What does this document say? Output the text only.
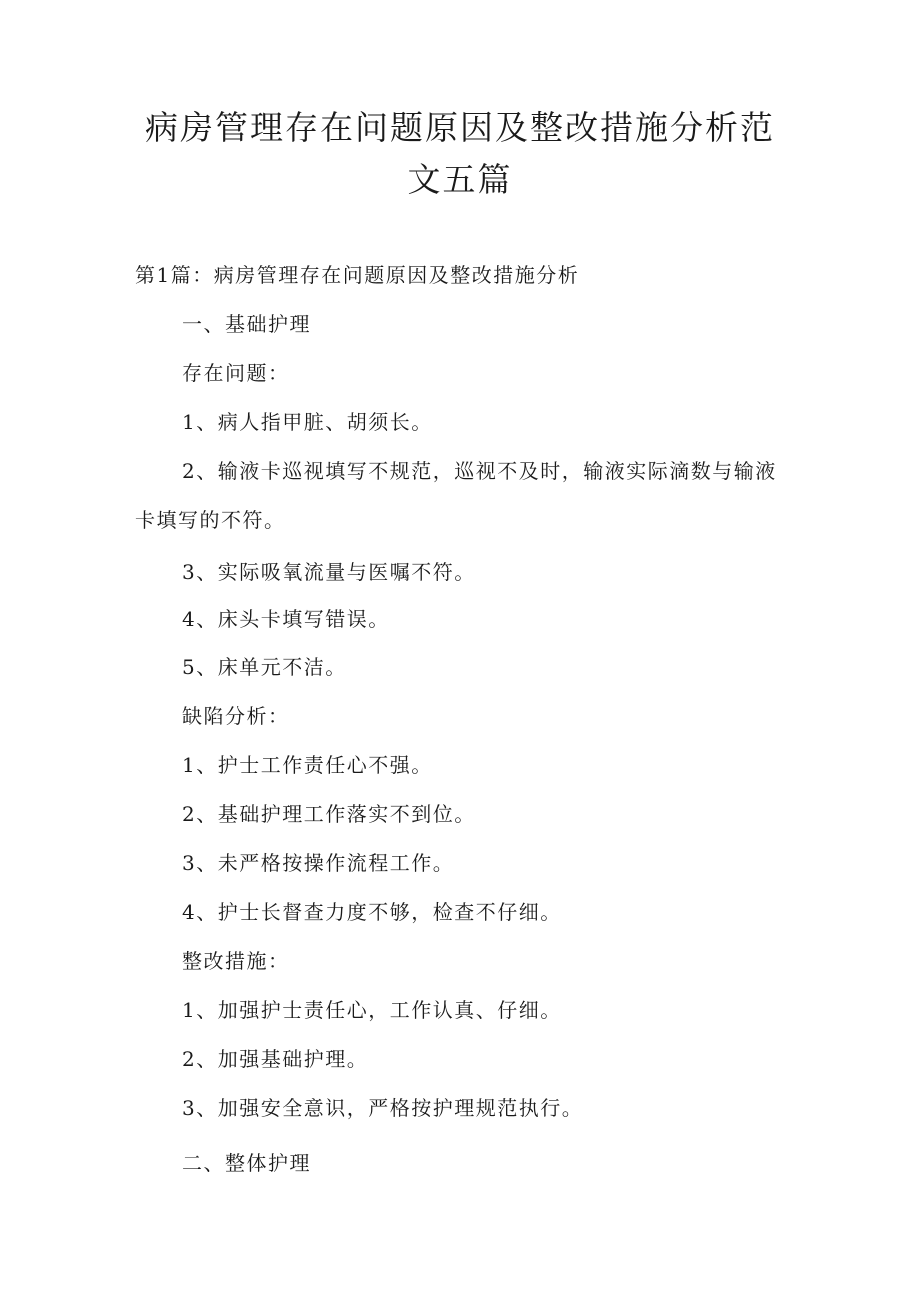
病房管理存在问题原因及整改措施分析范
文五篇
第1篇：病房管理存在问题原因及整改措施分析
一、基础护理
存在问题：
1、病人指甲脏、胡须长。
2、输液卡巡视填写不规范，巡视不及时，输液实际滴数与输液
卡填写的不符。
3、实际吸氧流量与医嘱不符。
4、床头卡填写错误。
5、床单元不洁。
缺陷分析：
1、护士工作责任心不强。
2、基础护理工作落实不到位。
3、未严格按操作流程工作。
4、护士长督查力度不够，检查不仔细。
整改措施：
1、加强护士责任心，工作认真、仔细。
2、加强基础护理。
3、加强安全意识，严格按护理规范执行。
二、整体护理
